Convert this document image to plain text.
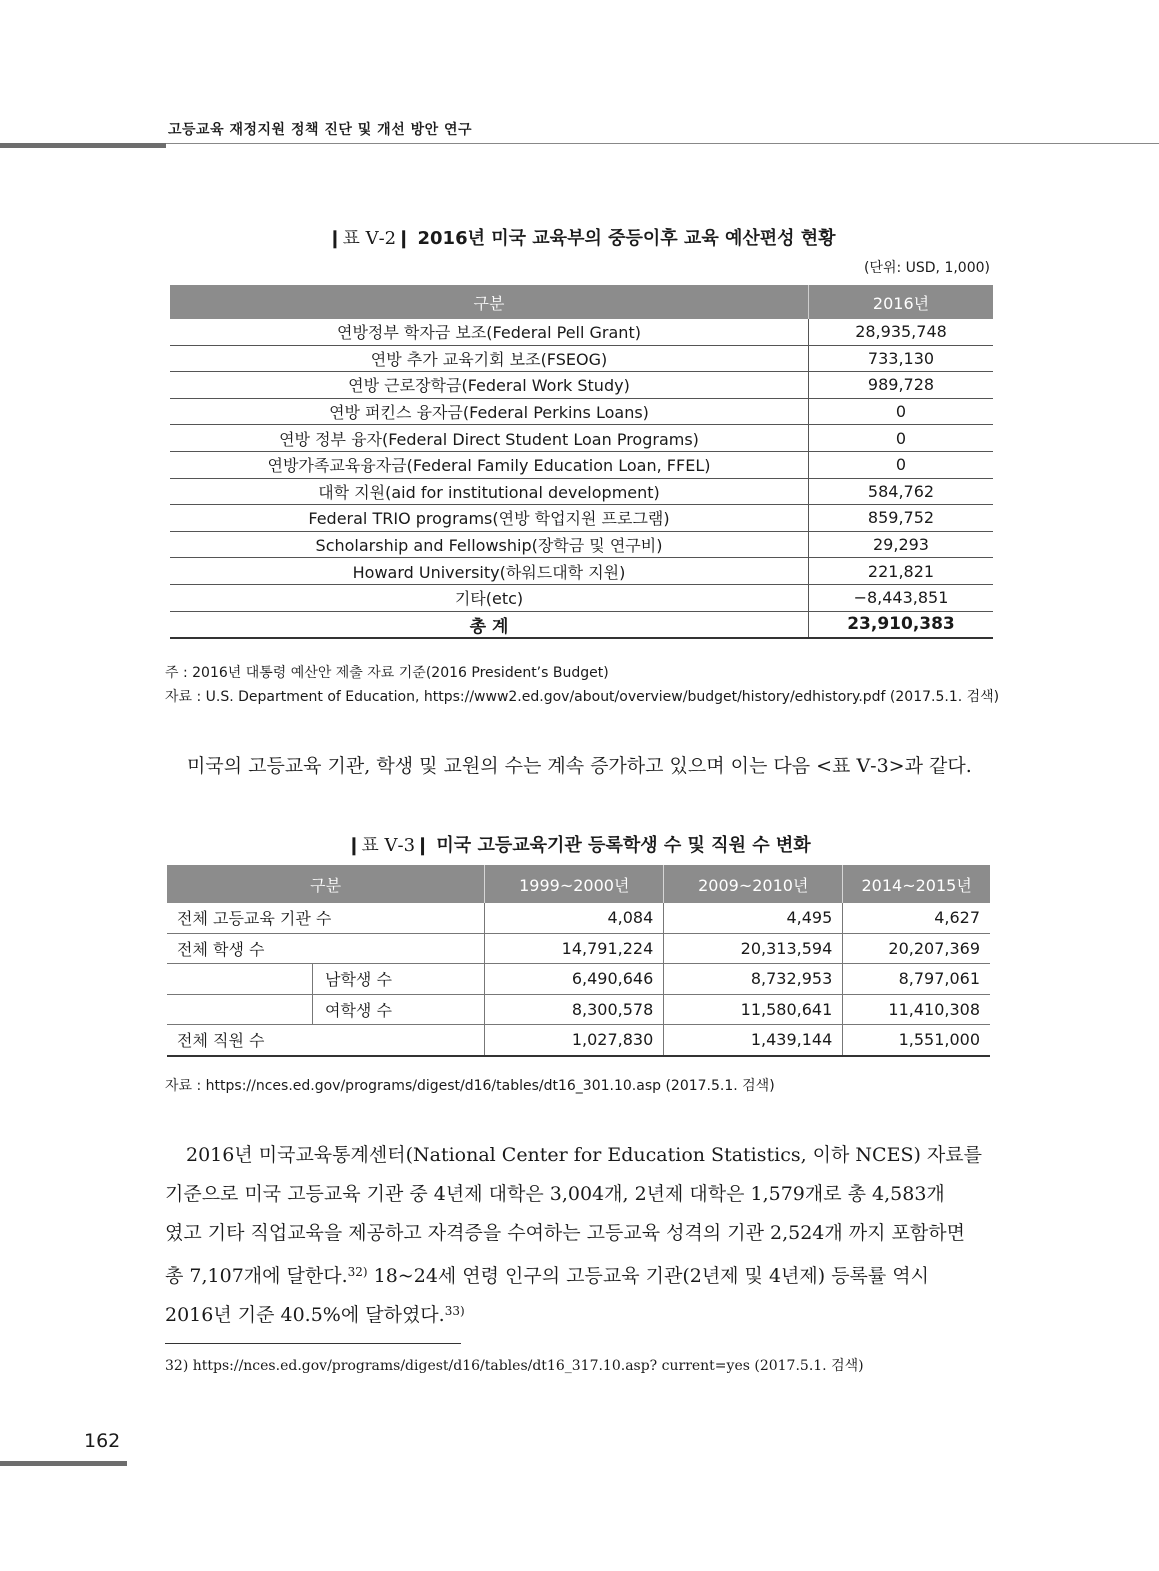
고등교육 재정지원 정책 진단 및 개선 방안 연구
❙표 Ⅴ-2❙ 2016년 미국 교육부의 중등이후 교육 예산편성 현황
(단위: USD, 1,000)
구분	2016년
연방정부 학자금 보조(Federal Pell Grant)	28,935,748
연방 추가 교육기회 보조(FSEOG)	733,130
연방 근로장학금(Federal Work Study)	989,728
연방 퍼킨스 융자금(Federal Perkins Loans)	0
연방 정부 융자(Federal Direct Student Loan Programs)	0
연방가족교육융자금(Federal Family Education Loan, FFEL)	0
대학 지원(aid for institutional development)	584,762
Federal TRIO programs(연방 학업지원 프로그램)	859,752
Scholarship and Fellowship(장학금 및 연구비)	29,293
Howard University(하워드대학 지원)	221,821
기타(etc)	−8,443,851
총 계	23,910,383
주 : 2016년 대통령 예산안 제출 자료 기준(2016 President’s Budget)
자료 : U.S. Department of Education, https://www2.ed.gov/about/overview/budget/history/edhistory.pdf (2017.5.1. 검색)
미국의 고등교육 기관, 학생 및 교원의 수는 계속 증가하고 있으며 이는 다음 <표 Ⅴ-3>과 같다.
❙표 Ⅴ-3❙ 미국 고등교육기관 등록학생 수 및 직원 수 변화
구분		1999~2000년	2009~2010년	2014~2015년
전체 고등교육 기관 수		4,084	4,495	4,627
전체 학생 수		14,791,224	20,313,594	20,207,369
	남학생 수	6,490,646	8,732,953	8,797,061
	여학생 수	8,300,578	11,580,641	11,410,308
전체 직원 수		1,027,830	1,439,144	1,551,000
자료 : https://nces.ed.gov/programs/digest/d16/tables/dt16_301.10.asp (2017.5.1. 검색)
2016년 미국교육통계센터(National Center for Education Statistics, 이하 NCES) 자료를
기준으로 미국 고등교육 기관 중 4년제 대학은 3,004개, 2년제 대학은 1,579개로 총 4,583개
였고 기타 직업교육을 제공하고 자격증을 수여하는 고등교육 성격의 기관 2,524개 까지 포함하면
총 7,107개에 달한다.$^{32)}$ 18~24세 연령 인구의 고등교육 기관(2년제 및 4년제) 등록률 역시
2016년 기준 40.5%에 달하였다.$^{33)}$
32) https://nces.ed.gov/programs/digest/d16/tables/dt16_317.10.asp? current=yes (2017.5.1. 검색)
162
